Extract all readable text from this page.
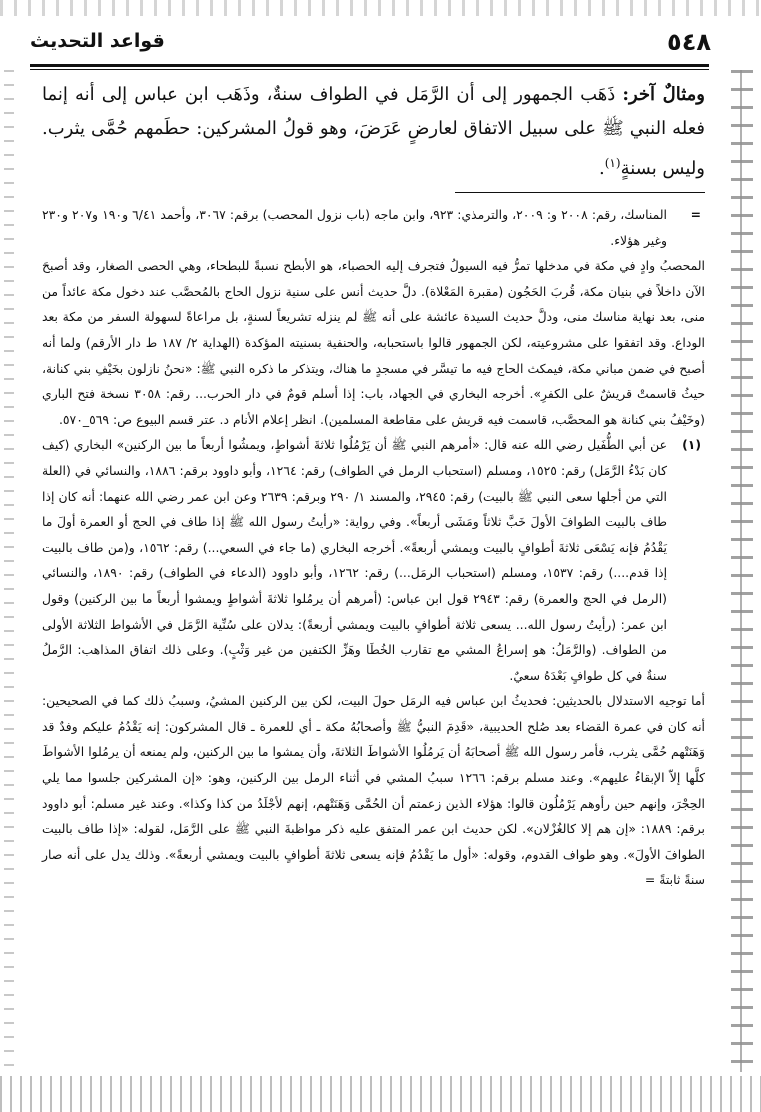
٥٤٨
قواعد التحديث
ومثالٌ آخر: ذَهَب الجمهور إلى أن الرَّمَل في الطواف سنةٌ، وذَهَب ابن عباس إلى أنه إنما فعله النبي ﷺ على سبيل الاتفاق لعارضٍ عَرَضَ، وهو قولُ المشركين: حطَمهم حُمَّى يثرب. وليس بسنةٍ$^{(١)}$.
=

المناسك، رقم: ٢٠٠٨ و: ٢٠٠٩، والترمذي: ٩٢٣، وابن ماجه (باب نزول المحصب) برقم: ٣٠٦٧، وأحمد ٦/٤١ و١٩٠ و٢٠٧ و٢٣٠ وغير هؤلاء.

المحصبُ وادٍ في مكة في مدخلها تمرُّ فيه السيولُ فتجرف إليه الحصباء، هو الأبطح نسبةً للبطحاء، وهي الحصى الصغار، وقد أصبحَ الآن داخلاً في بنيان مكة، قُربَ الحَجُون (مقبرة المَعْلاة). دلَّ حديث أنس على سنية نزول الحاج بالمُحصَّب عند دخول مكة عائداً من منى، بعد نهاية مناسك منى، ودلَّ حديث السيدة عائشة على أنه ﷺ لم ينزله تشريعاً لسنةٍ، بل مراعاةً لسهولة السفر من مكة بعد الوداع. وقد اتفقوا على مشروعيته، لكن الجمهور قالوا باستحبابه، والحنفية بسنيته المؤكدة (الهداية ٢/ ١٨٧ ط دار الأرقم) ولما أنه أصبح في ضمن مباني مكة، فيمكث الحاج فيه ما تيسَّر في مسجدٍ ما هناك، ويتذكر ما ذكره النبي ﷺ: «نحنُ نازلون بخَيْفِ بني كنانة، حيثُ قاسمتْ قريشٌ على الكفرِ». أخرجه البخاري في الجهاد، باب: إذا أسلم قومٌ في دار الحرب... رقم: ٣٠٥٨ نسخة فتح الباري (وخَيْفُ بني كنانة هو المحصَّب، قاسمت فيه قريش على مقاطعة المسلمين). انظر إعلام الأنام د. عتر قسم البيوع ص: ٥٦٩_٥٧٠.

(١)

عن أبي الطُّفَيل رضي الله عنه قال: «أمرهم النبي ﷺ أن يَرْمُلُوا ثلاثةَ أشواطٍ، ويمشُوا أربعاً ما بين الركنين» البخاري (كيف كان بَدْءُ الرَّمَل) رقم: ١٥٢٥، ومسلم (استحباب الرمل في الطواف) رقم: ١٢٦٤، وأبو داوود برقم: ١٨٨٦، والنسائي في (العلة التي من أجلها سعى النبي ﷺ بالبيت) رقم: ٢٩٤٥، والمسند ١/ ٢٩٠ وبرقم: ٢٦٣٩ وعن ابن عمر رضي الله عنهما: أنه كان إذا طاف بالبيت الطوافَ الأولَ خَبَّ ثلاثاً ومَشَى أربعاً». وفي رواية: «رأيتُ رسول الله ﷺ إذا طاف في الحج أو العمرة أولَ ما يَقْدُمُ فإنه يَسْعَى ثلاثةَ أطوافٍ بالبيت ويمشي أربعةً». أخرجه البخاري (ما جاء في السعي...) رقم: ١٥٦٢، و(من طاف بالبيت إذا قدم....) رقم: ١٥٣٧، ومسلم (استحباب الرمَل...) رقم: ١٢٦٢، وأبو داوود (الدعاء في الطواف) رقم: ١٨٩٠، والنسائي (الرمل في الحج والعمرة) رقم: ٢٩٤٣ قول ابن عباس: (أمرهم أن يرمُلوا ثلاثةَ أشواطٍ ويمشوا أربعاً ما بين الركنين) وقول ابن عمر: (رأيتُ رسول الله... يسعى ثلاثة أطوافٍ بالبيت ويمشي أربعةً): يدلان على سُنِّية الرَّمَل في الأشواط الثلاثة الأولى من الطواف. (والرَّمَلُ: هو إسراعُ المشي مع تقارب الخُطَا وهَزِّ الكتفين من غير وَثْبٍ). وعلى ذلك اتفاق المذاهب: الرَّملُ سنةٌ في كل طوافٍ بَعْدَهُ سعيٌ.

أما توجيه الاستدلال بالحديثين: فحديثُ ابن عباس فيه الرمَل حولَ البيت، لكن بين الركنين المشيُ، وسببُ ذلك كما في الصحيحين: أنه كان في عمرة القضاء بعد صُلح الحديبية، «قَدِمَ النبيُّ ﷺ وأصحابُهُ مكة ـ أي للعمرة ـ قال المشركون: إنه يَقْدُمُ عليكم وفدٌ قد وَهَنَتْهم حُمَّى يثرب، فأمر رسول الله ﷺ أصحابَهُ أن يَرمُلُوا الأشواطَ الثلاثةَ، وأن يمشوا ما بين الركنين، ولم يمنعه أن يرمُلوا الأشواطَ كلَّها إلاّ الإبقاءُ عليهم». وعند مسلم برقم: ١٢٦٦ سببُ المشي في أثناء الرمل بين الركنين، وهو: «إن المشركين جلسوا مما يلي الحِجْرَ، وإنهم حين رأوهم يَرْمُلُون قالوا: هؤلاء الذين زعمتم أن الحُمَّى وَهَنَتْهم، إنهم لأجْلَدُ من كذا وكذا». وعند غير مسلم: أبو داوود برقم: ١٨٨٩: «إن هم إلا كالغُزْلان». لكن حديث ابن عمر المتفق عليه ذكر مواظبةَ النبي ﷺ على الرَّمَل، لقوله: «إذا طاف بالبيت الطوافَ الأولَ». وهو طواف القدوم، وقوله: «أول ما يَقْدُمُ فإنه يسعى ثلاثةَ أطوافٍ بالبيت ويمشي أربعةً». وذلك يدل على أنه صار سنةً ثابتةً =
